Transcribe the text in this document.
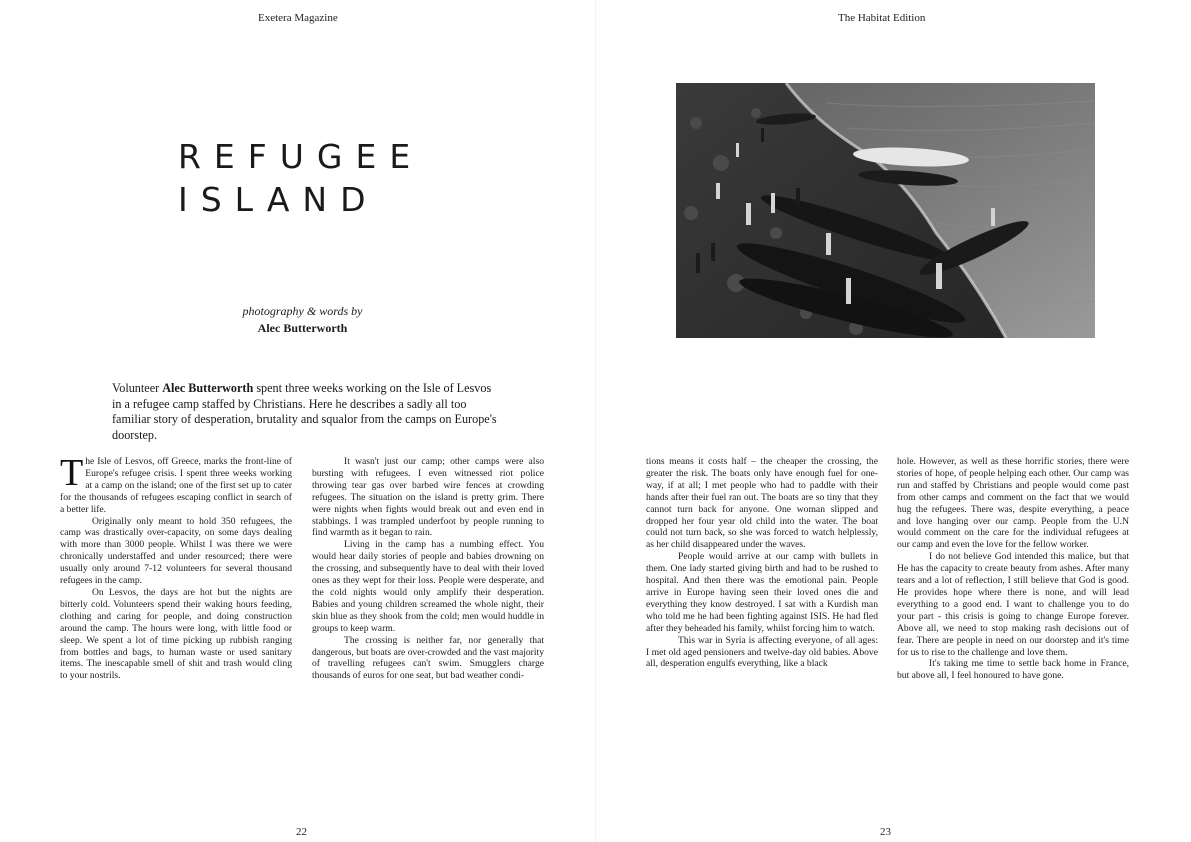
Exetera Magazine
REFUGEE
ISLAND
photography & words by
Alec Butterworth

Volunteer Alec Butterworth spent three weeks working on the Isle of Lesvos in a refugee camp staffed by Christians. Here he describes a sadly all too familiar story of desperation, brutality and squalor from the camps on Europe's doorstep.

The Isle of Lesvos, off Greece, marks the front-line of Europe's refugee crisis. I spent three weeks working at a camp on the island; one of the first set up to cater for the thousands of refugees escaping conflict in search of a better life.

Originally only meant to hold 350 refugees, the camp was drastically over-capacity, on some days dealing with more than 3000 people. Whilst I was there we were chronically understaffed and under resourced; there were usually only around 7-12 volunteers for several thousand refugees in the camp.

On Lesvos, the days are hot but the nights are bitterly cold. Volunteers spend their waking hours feeding, clothing and caring for people, and doing construction around the camp. The hours were long, with little food or sleep. We spent a lot of time picking up rubbish ranging from bottles and bags, to human waste or used sanitary items. The inescapable smell of shit and trash would cling to your nostrils.

It wasn't just our camp; other camps were also bursting with refugees. I even witnessed riot police throwing tear gas over barbed wire fences at crowding refugees. The situation on the island is pretty grim. There were nights when fights would break out and even end in stabbings. I was trampled underfoot by people running to find warmth as it began to rain.

Living in the camp has a numbing effect. You would hear daily stories of people and babies drowning on the crossing, and subsequently have to deal with their loved ones as they wept for their loss. People were desperate, and the cold nights would only amplify their desperation. Babies and young children screamed the whole night, their skin blue as they shook from the cold; men would huddle in groups to keep warm.

The crossing is neither far, nor generally that dangerous, but boats are over-crowded and the vast majority of travelling refugees can't swim. Smugglers charge thousands of euros for one seat, but bad weather condi-

22
The Habitat Edition

tions means it costs half – the cheaper the crossing, the greater the risk. The boats only have enough fuel for one-way, if at all; I met people who had to paddle with their hands after their fuel ran out. The boats are so tiny that they cannot turn back for anyone. One woman slipped and dropped her four year old child into the water. The boat could not turn back, so she was forced to watch helplessly, as her child disappeared under the waves.

People would arrive at our camp with bullets in them. One lady started giving birth and had to be rushed to hospital. And then there was the emotional pain. People arrive in Europe having seen their loved ones die and everything they know destroyed. I sat with a Kurdish man who told me he had been fighting against ISIS. He had fled after they beheaded his family, whilst forcing him to watch.

This war in Syria is affecting everyone, of all ages: I met old aged pensioners and twelve-day old babies. Above all, desperation engulfs everything, like a black

hole. However, as well as these horrific stories, there were stories of hope, of people helping each other. Our camp was run and staffed by Christians and people would come past from other camps and comment on the fact that we would hug the refugees. There was, despite everything, a peace and love hanging over our camp. People from the U.N would comment on the care for the individual refugees at our camp and even the love for the fellow worker.

I do not believe God intended this malice, but that He has the capacity to create beauty from ashes. After many tears and a lot of reflection, I still believe that God is good. He provides hope where there is none, and will lead everything to a good end. I want to challenge you to do your part - this crisis is going to change Europe forever. Above all, we need to stop making rash decisions out of fear. There are people in need on our doorstep and it's time for us to rise to the challenge and love them.

It's taking me time to settle back home in France, but above all, I feel honoured to have gone.

23
